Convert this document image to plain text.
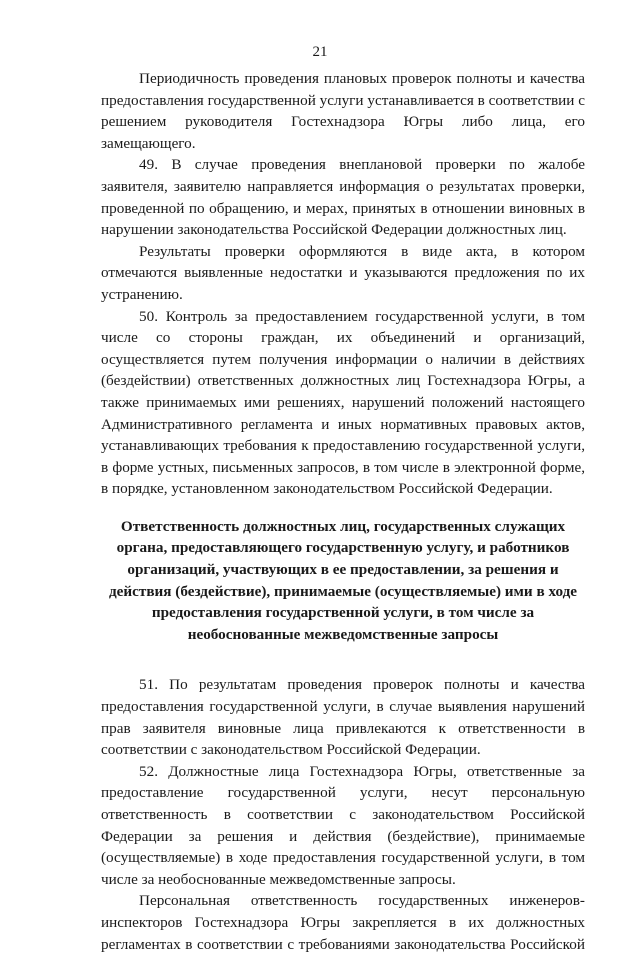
21

Периодичность проведения плановых проверок полноты и качества предоставления государственной услуги устанавливается в соответствии с решением руководителя Гостехнадзора Югры либо лица, его замещающего.

49. В случае проведения внеплановой проверки по жалобе заявителя, заявителю направляется информация о результатах проверки, проведенной по обращению, и мерах, принятых в отношении виновных в нарушении законодательства Российской Федерации должностных лиц.

Результаты проверки оформляются в виде акта, в котором отмечаются выявленные недостатки и указываются предложения по их устранению.

50. Контроль за предоставлением государственной услуги, в том числе со стороны граждан, их объединений и организаций, осуществляется путем получения информации о наличии в действиях (бездействии) ответственных должностных лиц Гостехнадзора Югры, а также принимаемых ими решениях, нарушений положений настоящего Административного регламента и иных нормативных правовых актов, устанавливающих требования к предоставлению государственной услуги, в форме устных, письменных запросов, в том числе в электронной форме, в порядке, установленном законодательством Российской Федерации.

Ответственность должностных лиц, государственных служащих органа, предоставляющего государственную услугу, и работников организаций, участвующих в ее предоставлении, за решения и действия (бездействие), принимаемые (осуществляемые) ими в ходе предоставления государственной услуги, в том числе за необоснованные межведомственные запросы

51. По результатам проведения проверок полноты и качества предоставления государственной услуги, в случае выявления нарушений прав заявителя виновные лица привлекаются к ответственности в соответствии с законодательством Российской Федерации.

52. Должностные лица Гостехнадзора Югры, ответственные за предоставление государственной услуги, несут персональную ответственность в соответствии с законодательством Российской Федерации за решения и действия (бездействие), принимаемые (осуществляемые) в ходе предоставления государственной услуги, в том числе за необоснованные межведомственные запросы.

Персональная ответственность государственных инженеров-инспекторов Гостехнадзора Югры закрепляется в их должностных регламентах в соответствии с требованиями законодательства Российской
